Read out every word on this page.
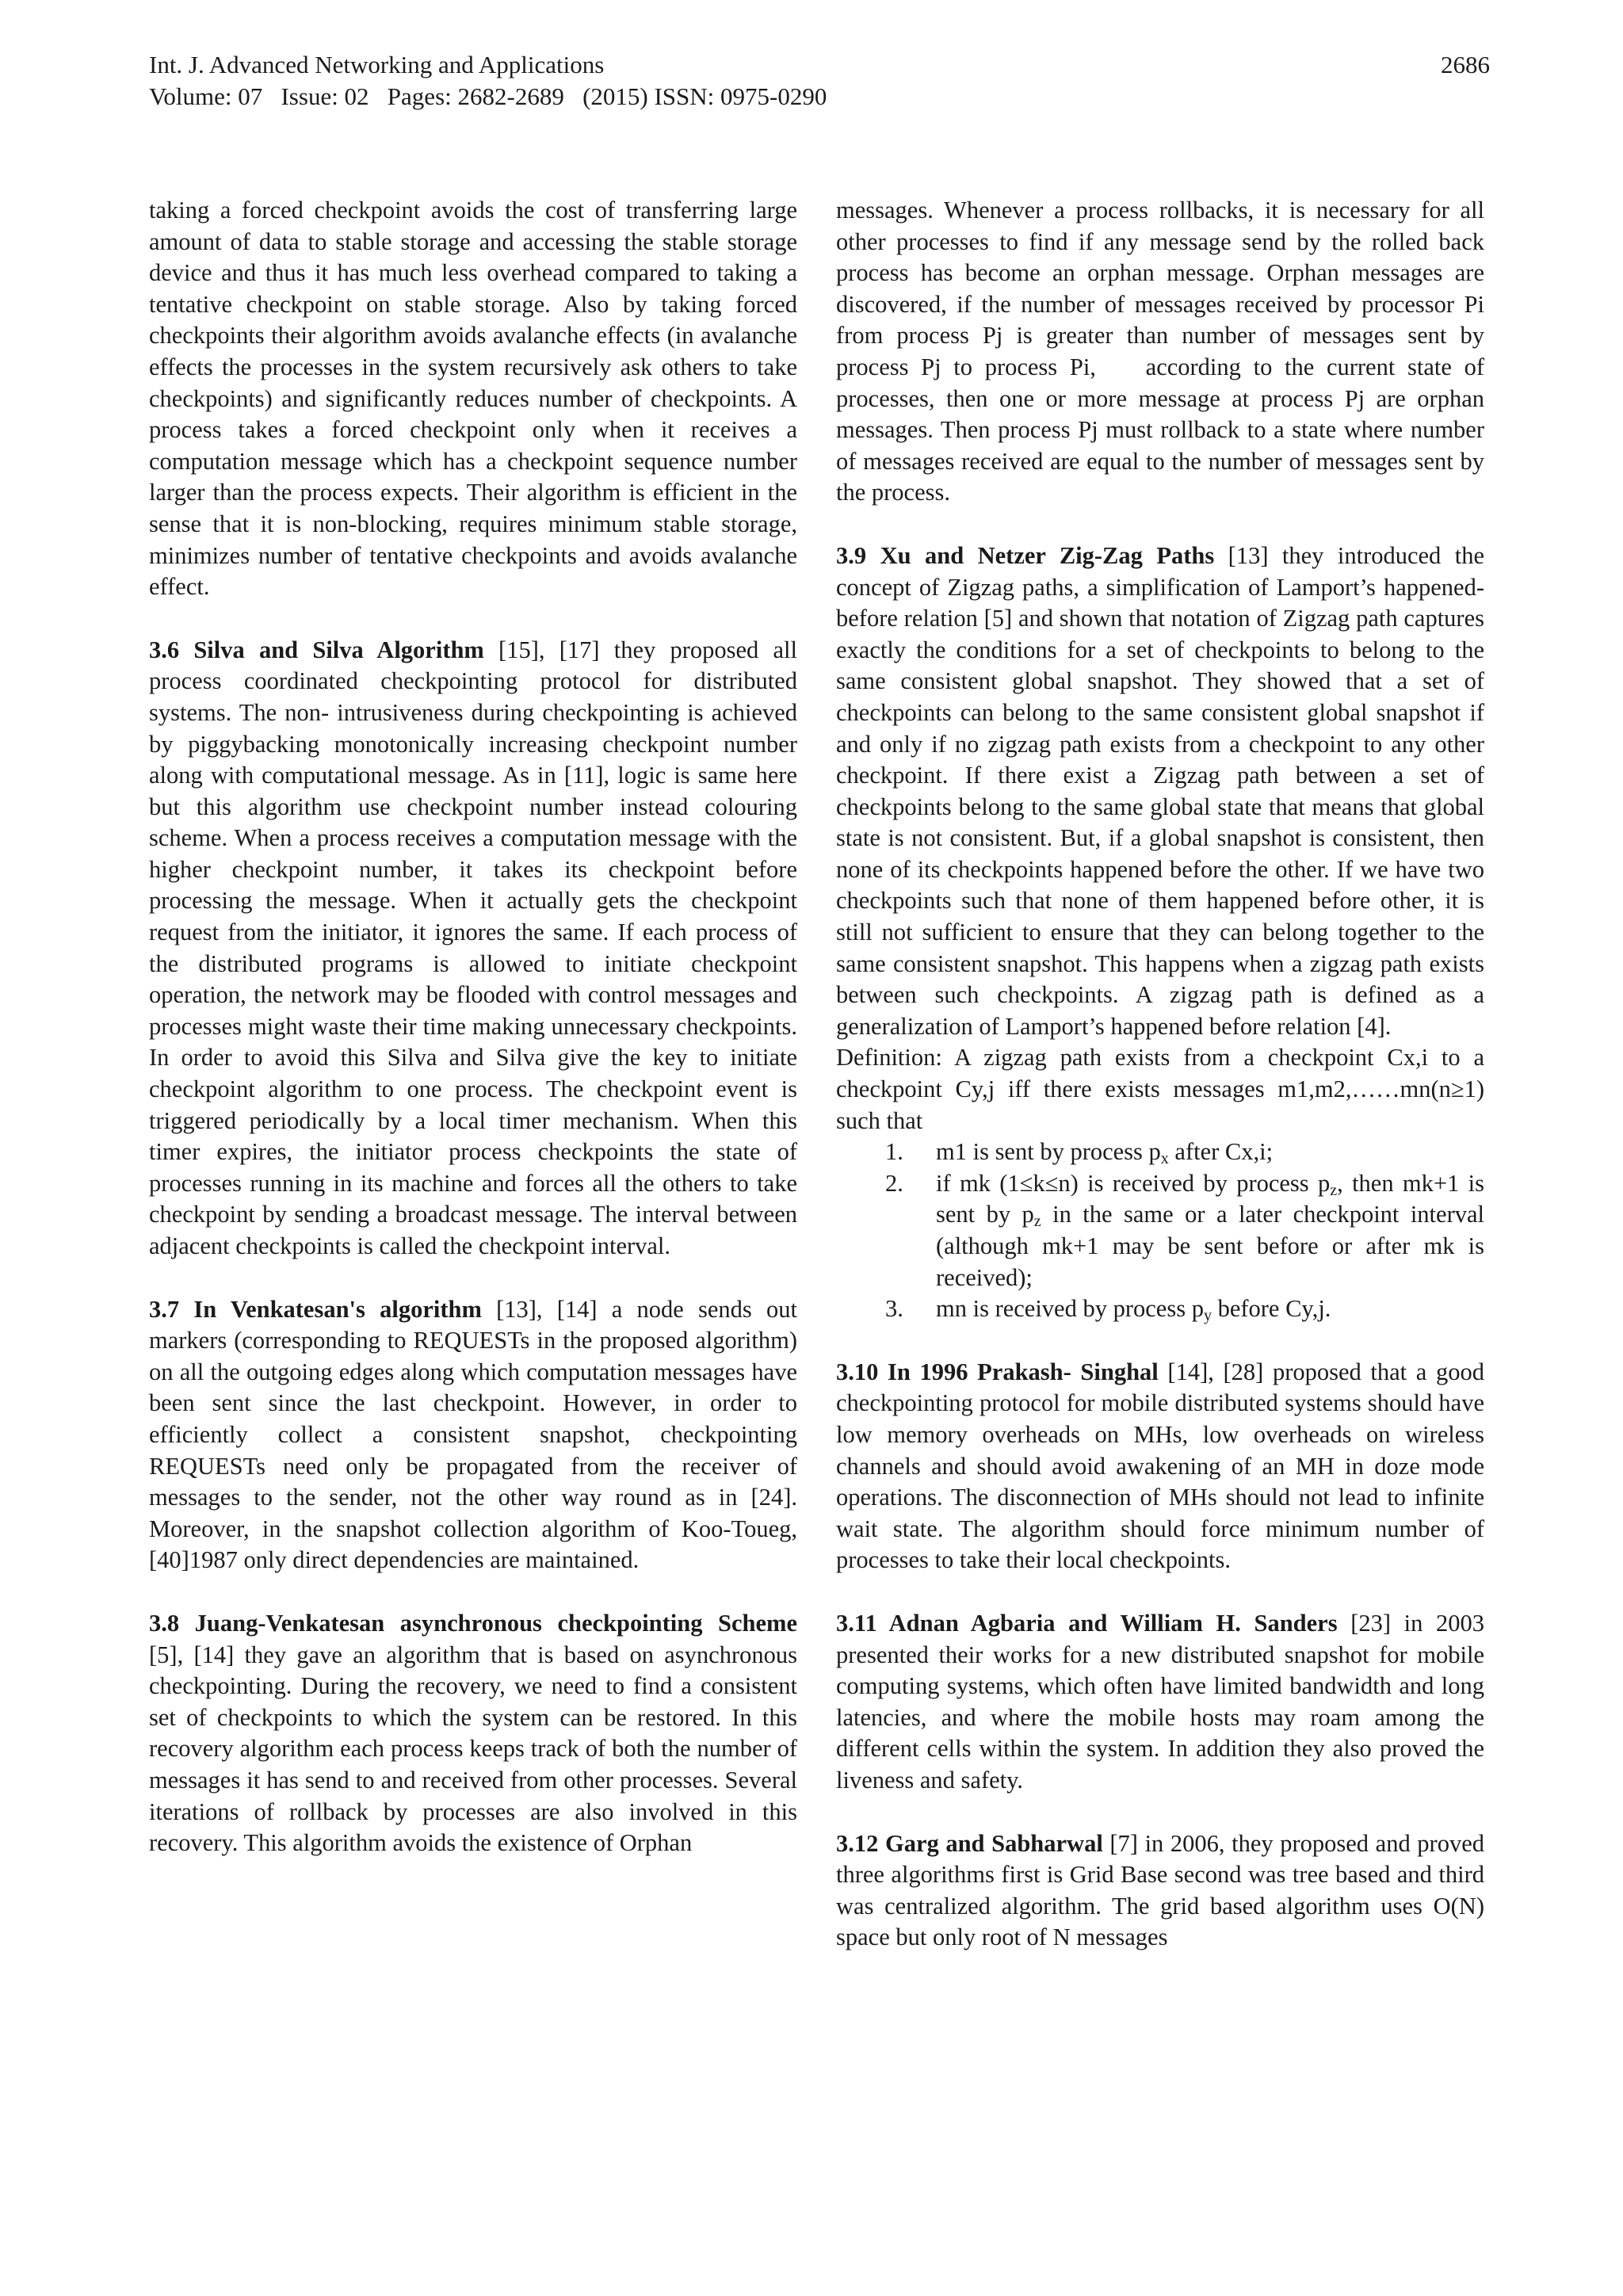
Int. J. Advanced Networking and Applications
Volume: 07   Issue: 02   Pages: 2682-2689   (2015) ISSN: 0975-0290
2686

taking a forced checkpoint avoids the cost of transferring large amount of data to stable storage and accessing the stable storage device and thus it has much less overhead compared to taking a tentative checkpoint on stable storage. Also by taking forced checkpoints their algorithm avoids avalanche effects (in avalanche effects the processes in the system recursively ask others to take checkpoints) and significantly reduces number of checkpoints. A process takes a forced checkpoint only when it receives a computation message which has a checkpoint sequence number larger than the process expects. Their algorithm is efficient in the sense that it is non-blocking, requires minimum stable storage, minimizes number of tentative checkpoints and avoids avalanche effect.

3.6 Silva and Silva Algorithm [15], [17] they proposed all process coordinated checkpointing protocol for distributed systems. The non- intrusiveness during checkpointing is achieved by piggybacking monotonically increasing checkpoint number along with computational message. As in [11], logic is same here but this algorithm use checkpoint number instead colouring scheme. When a process receives a computation message with the higher checkpoint number, it takes its checkpoint before processing the message. When it actually gets the checkpoint request from the initiator, it ignores the same. If each process of the distributed programs is allowed to initiate checkpoint operation, the network may be flooded with control messages and processes might waste their time making unnecessary checkpoints. In order to avoid this Silva and Silva give the key to initiate checkpoint algorithm to one process. The checkpoint event is triggered periodically by a local timer mechanism. When this timer expires, the initiator process checkpoints the state of processes running in its machine and forces all the others to take checkpoint by sending a broadcast message. The interval between adjacent checkpoints is called the checkpoint interval.

3.7 In Venkatesan's algorithm [13], [14] a node sends out markers (corresponding to REQUESTs in the proposed algorithm) on all the outgoing edges along which computation messages have been sent since the last checkpoint. However, in order to efficiently collect a consistent snapshot, checkpointing REQUESTs need only be propagated from the receiver of messages to the sender, not the other way round as in [24]. Moreover, in the snapshot collection algorithm of Koo-Toueg, [40]1987 only direct dependencies are maintained.

3.8 Juang-Venkatesan asynchronous checkpointing Scheme [5], [14] they gave an algorithm that is based on asynchronous checkpointing. During the recovery, we need to find a consistent set of checkpoints to which the system can be restored. In this recovery algorithm each process keeps track of both the number of messages it has send to and received from other processes. Several iterations of rollback by processes are also involved in this recovery. This algorithm avoids the existence of Orphan

messages. Whenever a process rollbacks, it is necessary for all other processes to find if any message send by the rolled back process has become an orphan message. Orphan messages are discovered, if the number of messages received by processor Pi from process Pj is greater than number of messages sent by process Pj to process Pi,    according to the current state of processes, then one or more message at process Pj are orphan messages. Then process Pj must rollback to a state where number of messages received are equal to the number of messages sent by the process.

3.9 Xu and Netzer Zig-Zag Paths [13] they introduced the concept of Zigzag paths, a simplification of Lamport’s happened-before relation [5] and shown that notation of Zigzag path captures exactly the conditions for a set of checkpoints to belong to the same consistent global snapshot. They showed that a set of checkpoints can belong to the same consistent global snapshot if and only if no zigzag path exists from a checkpoint to any other checkpoint. If there exist a Zigzag path between a set of checkpoints belong to the same global state that means that global state is not consistent. But, if a global snapshot is consistent, then none of its checkpoints happened before the other. If we have two checkpoints such that none of them happened before other, it is still not sufficient to ensure that they can belong together to the same consistent snapshot. This happens when a zigzag path exists between such checkpoints. A zigzag path is defined as a generalization of Lamport’s happened before relation [4].

Definition: A zigzag path exists from a checkpoint Cx,i to a checkpoint Cy,j iff there exists messages m1,m2,……mn(n≥1) such that

1. m1 is sent by process $p_x$ after Cx,i;
2. if mk (1≤k≤n) is received by process $p_z$, then mk+1 is sent by $p_z$ in the same or a later checkpoint interval (although mk+1 may be sent before or after mk is received);
3. mn is received by process $p_y$ before Cy,j.

3.10 In 1996 Prakash- Singhal [14], [28] proposed that a good checkpointing protocol for mobile distributed systems should have low memory overheads on MHs, low overheads on wireless channels and should avoid awakening of an MH in doze mode operations. The disconnection of MHs should not lead to infinite wait state. The algorithm should force minimum number of processes to take their local checkpoints.

3.11 Adnan Agbaria and William H. Sanders [23] in 2003 presented their works for a new distributed snapshot for mobile computing systems, which often have limited bandwidth and long latencies, and where the mobile hosts may roam among the different cells within the system. In addition they also proved the liveness and safety.

3.12 Garg and Sabharwal [7] in 2006, they proposed and proved three algorithms first is Grid Base second was tree based and third was centralized algorithm. The grid based algorithm uses O(N) space but only root of N messages
